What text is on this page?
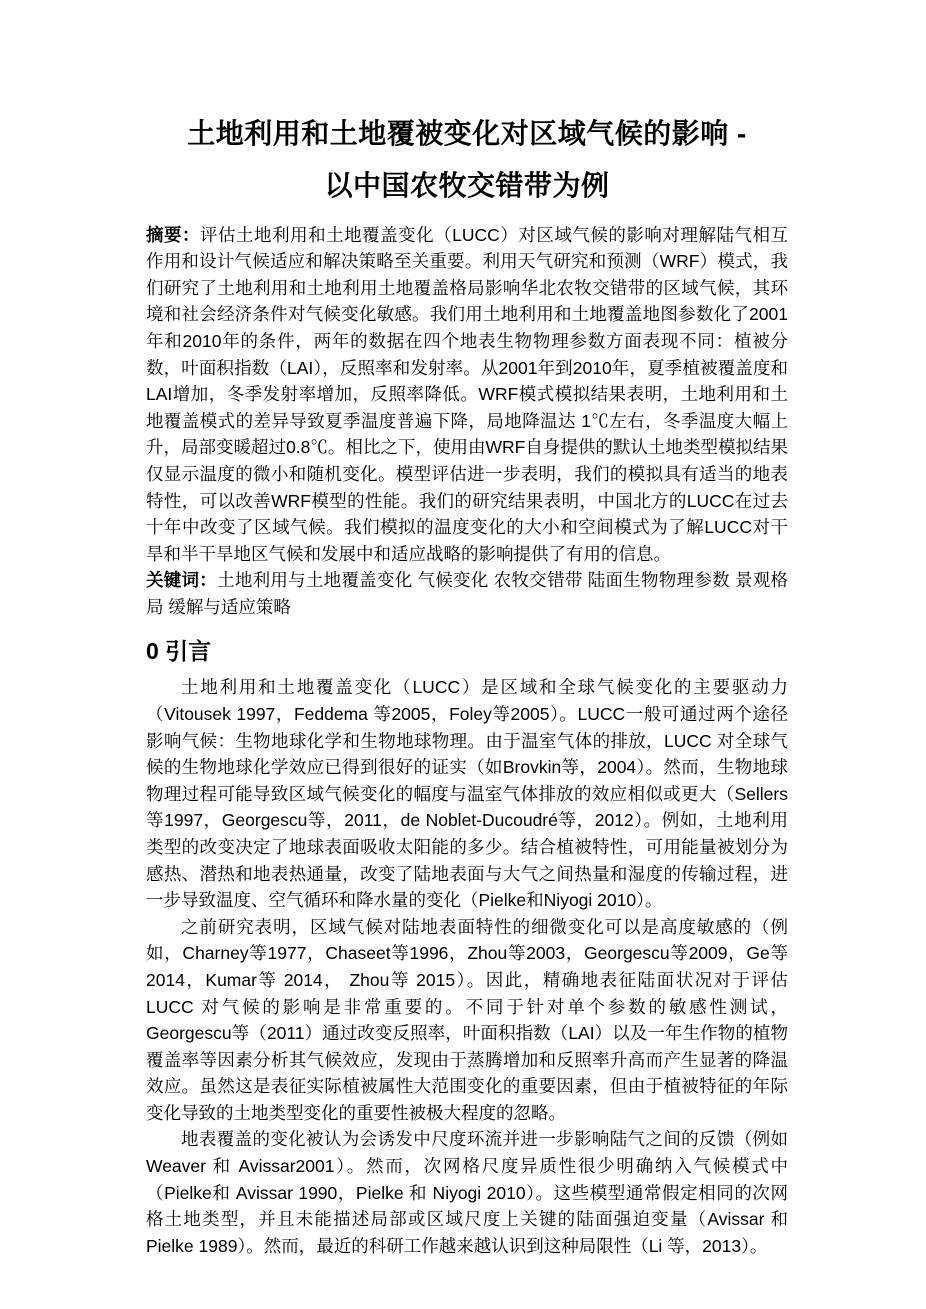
土地利用和土地覆被变化对区域气候的影响 -
以中国农牧交错带为例

摘要：评估土地利用和土地覆盖变化（LUCC）对区域气候的影响对理解陆气相互作用和设计气候适应和解决策略至关重要。利用天气研究和预测（WRF）模式，我们研究了土地利用和土地利用土地覆盖格局影响华北农牧交错带的区域气候，其环境和社会经济条件对气候变化敏感。我们用土地利用和土地覆盖地图参数化了2001年和2010年的条件，两年的数据在四个地表生物物理参数方面表现不同：植被分数，叶面积指数（LAI），反照率和发射率。从2001年到2010年，夏季植被覆盖度和LAI增加，冬季发射率增加，反照率降低。WRF模式模拟结果表明，土地利用和土地覆盖模式的差异导致夏季温度普遍下降，局地降温达 1℃左右，冬季温度大幅上升，局部变暖超过0.8℃。相比之下，使用由WRF自身提供的默认土地类型模拟结果仅显示温度的微小和随机变化。模型评估进一步表明，我们的模拟具有适当的地表特性，可以改善WRF模型的性能。我们的研究结果表明，中国北方的LUCC在过去十年中改变了区域气候。我们模拟的温度变化的大小和空间模式为了解LUCC对干旱和半干旱地区气候和发展中和适应战略的影响提供了有用的信息。

关键词：土地利用与土地覆盖变化 气候变化 农牧交错带 陆面生物物理参数 景观格局 缓解与适应策略

0 引言

土地利用和土地覆盖变化（LUCC）是区域和全球气候变化的主要驱动力（Vitousek 1997，Feddema 等2005，Foley等2005）。LUCC一般可通过两个途径影响气候：生物地球化学和生物地球物理。由于温室气体的排放，LUCC 对全球气候的生物地球化学效应已得到很好的证实（如Brovkin等，2004）。然而，生物地球物理过程可能导致区域气候变化的幅度与温室气体排放的效应相似或更大（Sellers等1997，Georgescu等，2011，de Noblet-Ducoudré等，2012）。例如，土地利用类型的改变决定了地球表面吸收太阳能的多少。结合植被特性，可用能量被划分为感热、潜热和地表热通量，改变了陆地表面与大气之间热量和湿度的传输过程，进一步导致温度、空气循环和降水量的变化（Pielke和Niyogi 2010）。

之前研究表明，区域气候对陆地表面特性的细微变化可以是高度敏感的（例如，Charney等1977，Chaseet等1996，Zhou等2003，Georgescu等2009，Ge等 2014，Kumar等 2014， Zhou等 2015）。因此，精确地表征陆面状况对于评估 LUCC 对气候的影响是非常重要的。不同于针对单个参数的敏感性测试，Georgescu等（2011）通过改变反照率，叶面积指数（LAI）以及一年生作物的植物覆盖率等因素分析其气候效应，发现由于蒸腾增加和反照率升高而产生显著的降温效应。虽然这是表征实际植被属性大范围变化的重要因素，但由于植被特征的年际变化导致的土地类型变化的重要性被极大程度的忽略。

地表覆盖的变化被认为会诱发中尺度环流并进一步影响陆气之间的反馈（例如 Weaver 和 Avissar2001）。然而，次网格尺度异质性很少明确纳入气候模式中（Pielke和 Avissar 1990，Pielke 和 Niyogi 2010）。这些模型通常假定相同的次网格土地类型，并且未能描述局部或区域尺度上关键的陆面强迫变量（Avissar 和 Pielke 1989）。然而，最近的科研工作越来越认识到这种局限性（Li 等，2013）。
